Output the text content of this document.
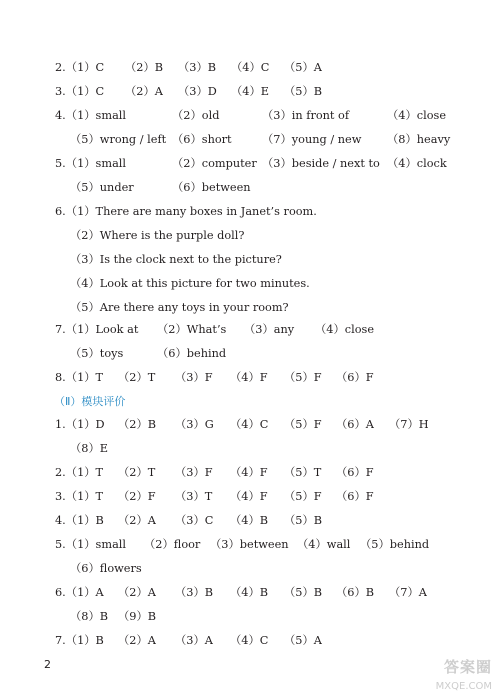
2.（1）C （2）B （3）B （4）C （5）A
3.（1）C （2）A （3）D （4）E （5）B
4.（1）small	（2）old	（3）in front of	（4）close
（5）wrong / left （6）short	（7）young / new （8）heavy
5.（1）small	（2）computer （3）beside / next to （4）clock
（5）under	（6）between
6.（1）There are many boxes in Janet’s room.
（2）Where is the purple doll?
（3）Is the clock next to the picture?
（4）Look at this picture for two minutes.
（5）Are there any toys in your room?
7.（1）Look at （2）What’s （3）any （4）close
（5）toys	（6）behind
8.（1）T （2）T （3）F （4）F （5）F （6）F
（Ⅱ）模块评价
1.（1）D （2）B （3）G （4）C （5）F （6）A （7）H
（8）E
2.（1）T （2）T （3）F （4）F （5）T （6）F
3.（1）T （2）F （3）T （4）F （5）F （6）F
4.（1）B （2）A （3）C （4）B （5）B
5.（1）small （2）floor （3）between （4）wall （5）behind
（6）flowers
6.（1）A （2）A （3）B （4）B （5）B （6）B （7）A
（8）B （9）B
7.（1）B （2）A （3）A （4）C （5）A
2	答案圈
MXQE.COM
